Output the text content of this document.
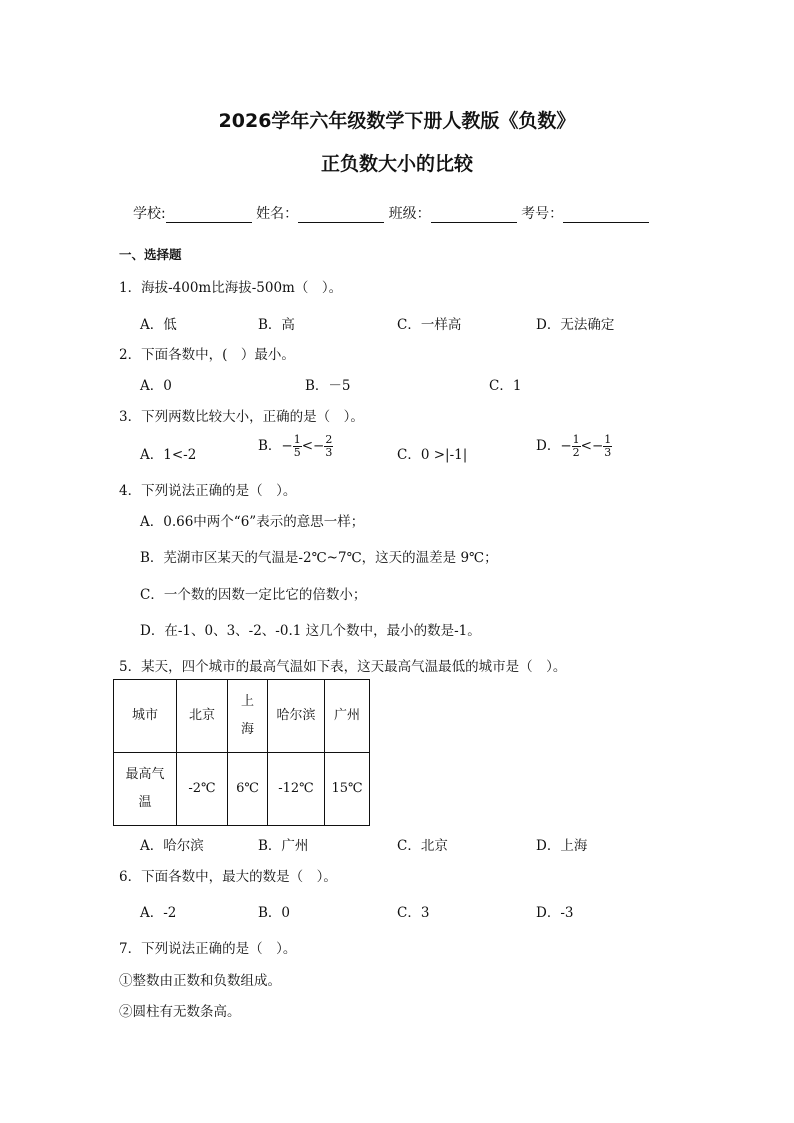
2026学年六年级数学下册人教版《负数》
正负数大小的比较
学校:	姓名：	班级：	考号：
一、选择题
1．海拔-400m比海拔-500m（　）。
A．低	B．高	C．一样高	D．无法确定
2．下面各数中，(　）最小。
A．0	B．－5	C．1
3．下列两数比较大小，正确的是（　）。
A．1<-2
B．− $\frac{1}{5} <- \frac{2}{3}$	C．0 >|-1|
D．− $\frac{1}{2} <- \frac{1}{3}$
4．下列说法正确的是（　）。
A．0.66中两个“6”表示的意思一样；
B．芜湖市区某天的气温是-2℃~7℃，这天的温差是 9℃；
C．一个数的因数一定比它的倍数小；
D．在-1、0、3、-2、-0.1 这几个数中，最小的数是-1。
5．某天，四个城市的最高气温如下表，这天最高气温最低的城市是（　）。
城市	北京	上海	哈尔滨	广州
最高气温	-2℃	6℃	-12℃	15℃
A．哈尔滨	B．广州	C．北京	D．上海
6．下面各数中，最大的数是（　）。
A．-2	B．0	C．3	D．-3
7．下列说法正确的是（　）。
①整数由正数和负数组成。
②圆柱有无数条高。
